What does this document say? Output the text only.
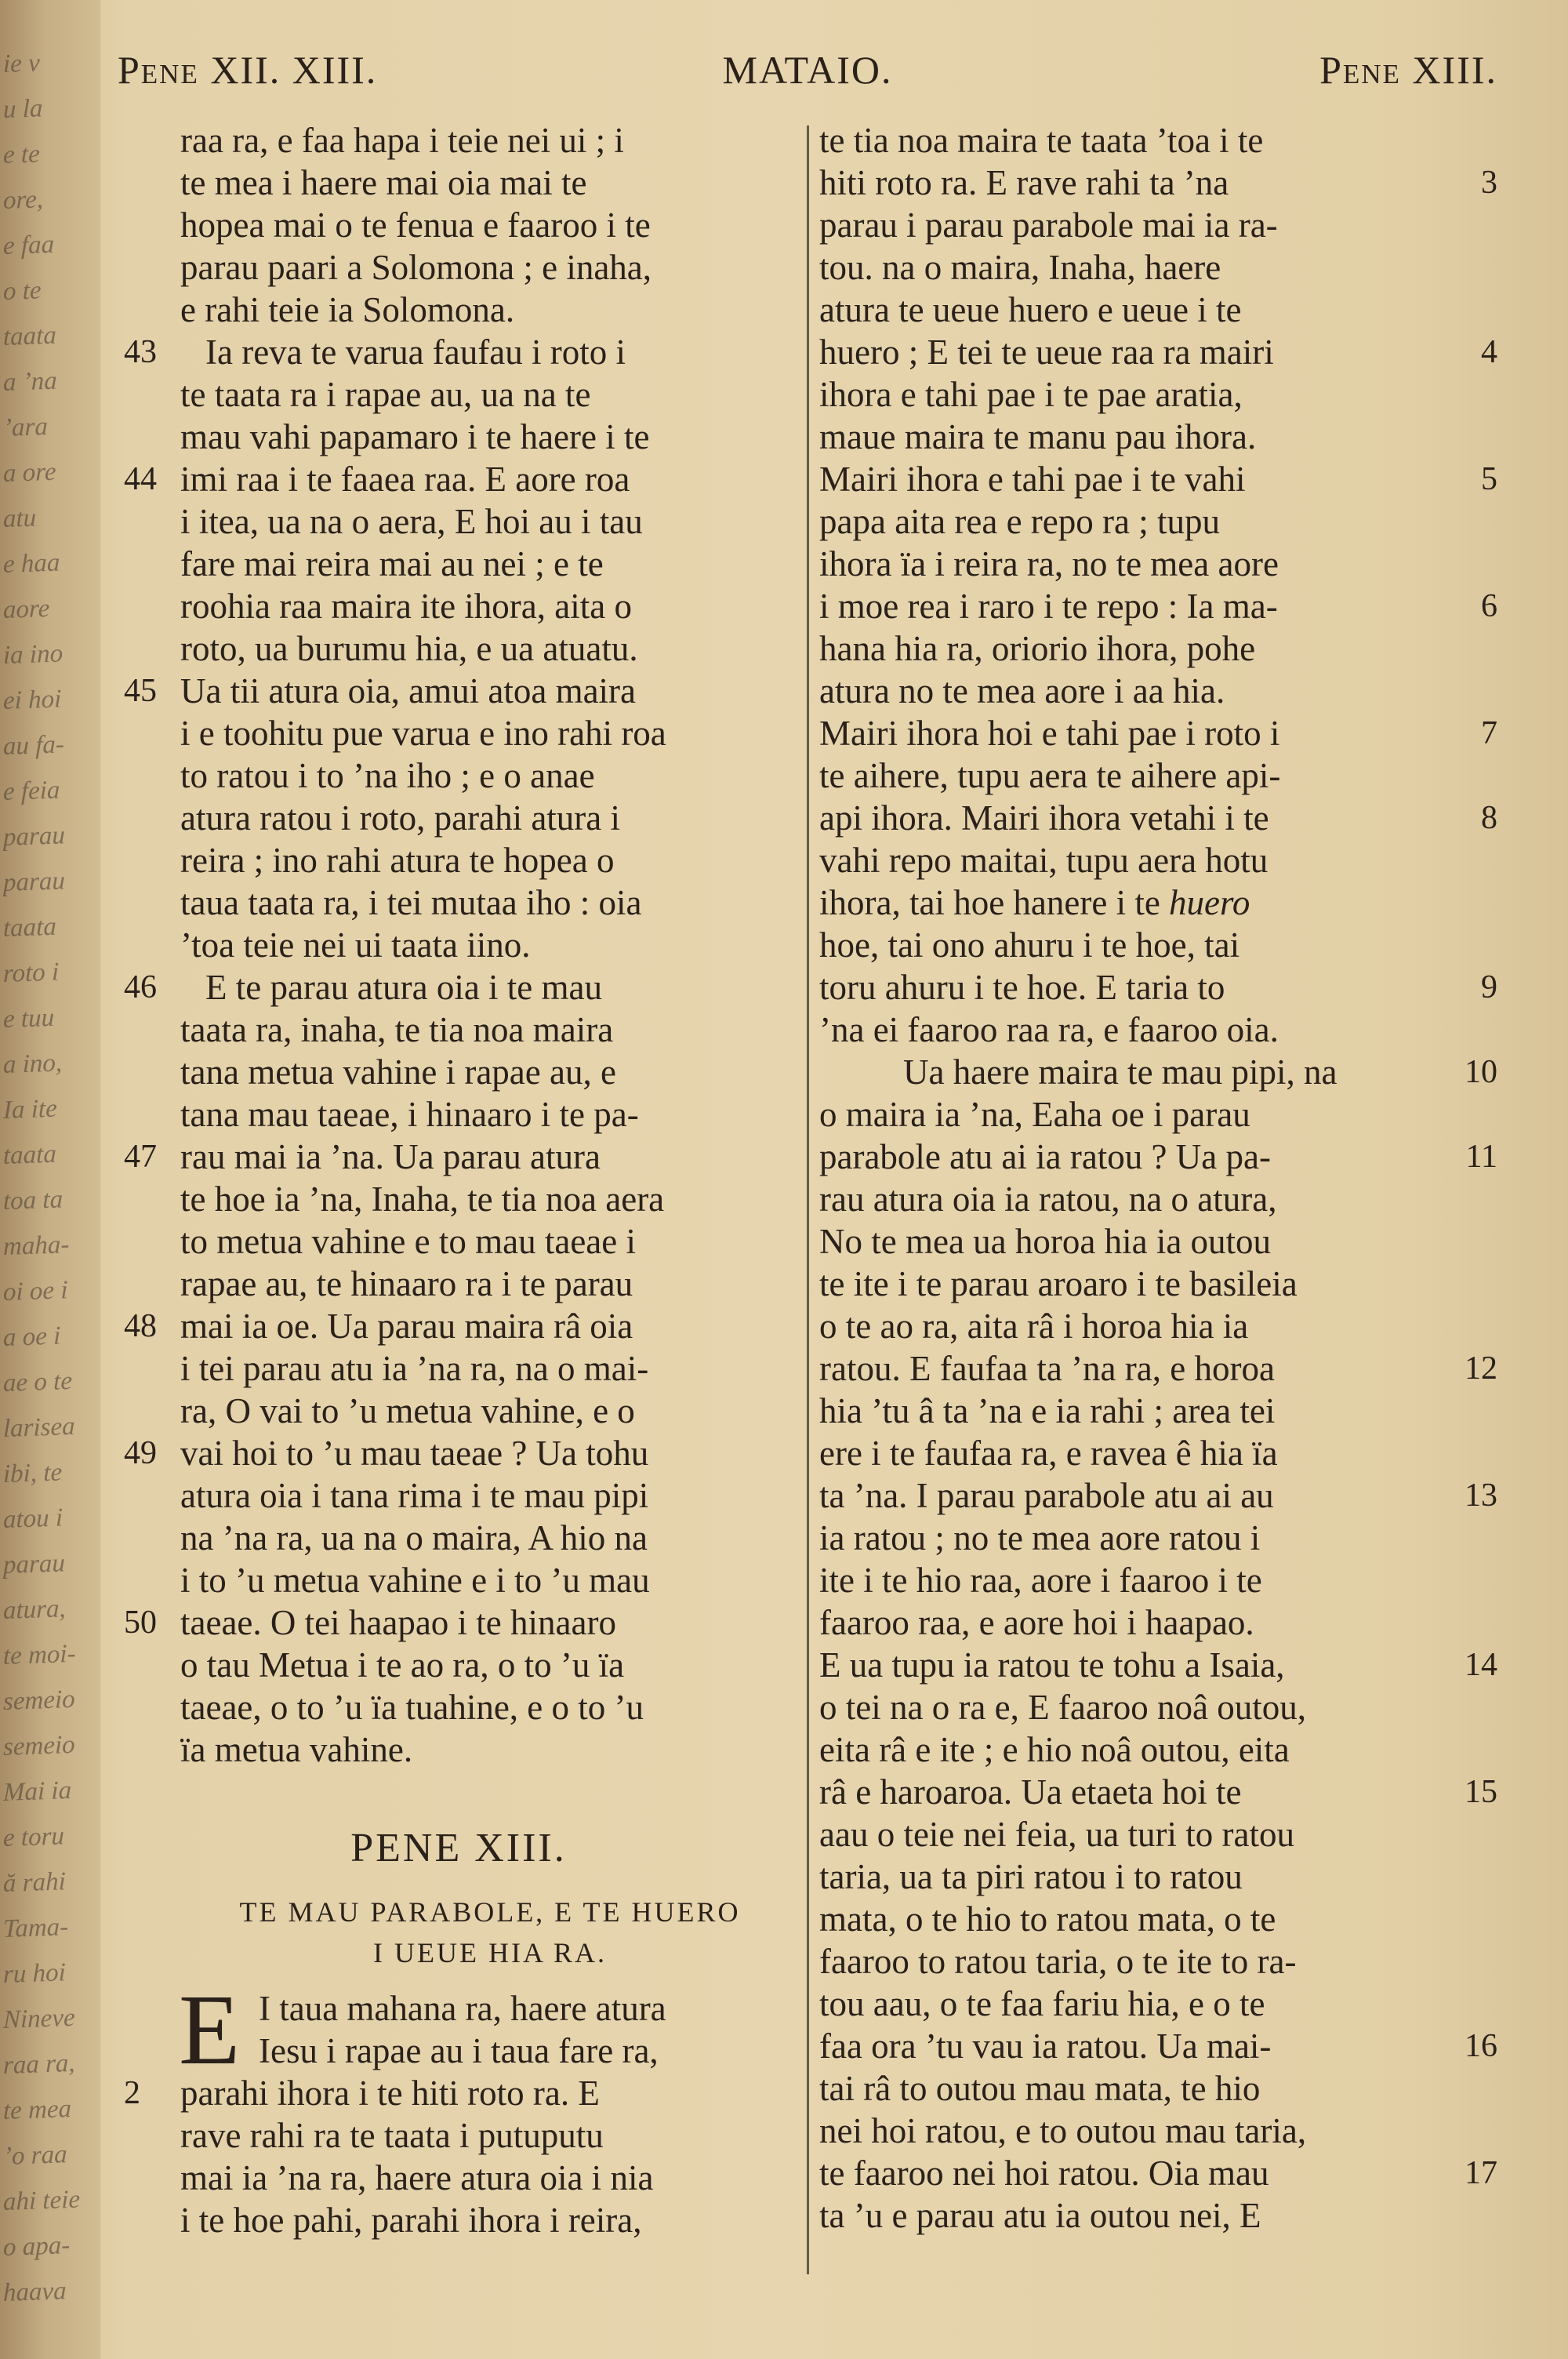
ie v
u la
e te
ore,
e faa
o te
taata
a ’na
’ara
a ore
atu
e haa
aore
ia ino
ei hoi
au fa-
e feia
parau
parau
taata
roto i
e tuu
a ino,
Ia ite
taata
toa ta
maha-
oi oe i
a oe i
ae o te
larisea
ibi, te
atou i
parau
atura,
te moi-
semeio
semeio
Mai ia
e toru
ă rahi
Tama-
ru hoi
Nineve
raa ra,
te mea
’o raa
ahi teie
o apa-
haava
Pene XII. XIII.	MATAIO.	Pene XIII.
raa ra, e faa hapa i teie nei ui ; i
te mea i haere mai oia mai te
hopea mai o te fenua e faaroo i te
parau paari a Solomona ; e inaha,
e rahi teie ia Solomona.
Ia reva te varua faufau i roto i
43
te taata ra i rapae au, ua na te
mau vahi papamaro i te haere i te
imi raa i te faaea raa. E aore roa
44
i itea, ua na o aera, E hoi au i tau
fare mai reira mai au nei ; e te
roohia raa maira ite ihora, aita o
roto, ua burumu hia, e ua atuatu.
Ua tii atura oia, amui atoa maira
45
i e toohitu pue varua e ino rahi roa
to ratou i to ’na iho ; e o anae
atura ratou i roto, parahi atura i
reira ; ino rahi atura te hopea o
taua taata ra, i tei mutaa iho : oia
’toa teie nei ui taata iino.
E te parau atura oia i te mau
46
taata ra, inaha, te tia noa maira
tana metua vahine i rapae au, e
tana mau taeae, i hinaaro i te pa-
rau mai ia ’na. Ua parau atura
47
te hoe ia ’na, Inaha, te tia noa aera
to metua vahine e to mau taeae i
rapae au, te hinaaro ra i te parau
mai ia oe. Ua parau maira râ oia
48
i tei parau atu ia ’na ra, na o mai-
ra, O vai to ’u metua vahine, e o
vai hoi to ’u mau taeae ? Ua tohu
49
atura oia i tana rima i te mau pipi
na ’na ra, ua na o maira, A hio na
i to ’u metua vahine e i to ’u mau
taeae. O tei haapao i te hinaaro
50
o tau Metua i te ao ra, o to ’u ïa
taeae, o to ’u ïa tuahine, e o to ’u
ïa metua vahine.
PENE XIII.
TE MAU PARABOLE, E TE HUERO
I UEUE HIA RA.
E I taua mahana ra, haere atura
Iesu i rapae au i taua fare ra,
parahi ihora i te hiti roto ra. E
2
rave rahi ra te taata i putuputu
mai ia ’na ra, haere atura oia i nia
i te hoe pahi, parahi ihora i reira,
te tia noa maira te taata ’toa i te
hiti roto ra. E rave rahi ta ’na	3
parau i parau parabole mai ia ra-
tou. na o maira, Inaha, haere
atura te ueue huero e ueue i te
huero ; E tei te ueue raa ra mairi	4
ihora e tahi pae i te pae aratia,
maue maira te manu pau ihora.
Mairi ihora e tahi pae i te vahi	5
papa aita rea e repo ra ; tupu
ihora ïa i reira ra, no te mea aore
i moe rea i raro i te repo : Ia ma-	6
hana hia ra, oriorio ihora, pohe
atura no te mea aore i aa hia.
Mairi ihora hoi e tahi pae i roto i	7
te aihere, tupu aera te aihere api-
api ihora. Mairi ihora vetahi i te	8
vahi repo maitai, tupu aera hotu
ihora, tai hoe hanere i te huero
hoe, tai ono ahuru i te hoe, tai
toru ahuru i te hoe. E taria to	9
’na ei faaroo raa ra, e faaroo oia.
Ua haere maira te mau pipi, na	10
o maira ia ’na, Eaha oe i parau
parabole atu ai ia ratou ? Ua pa-	11
rau atura oia ia ratou, na o atura,
No te mea ua horoa hia ia outou
te ite i te parau aroaro i te basileia
o te ao ra, aita râ i horoa hia ia
ratou. E faufaa ta ’na ra, e horoa	12
hia ’tu â ta ’na e ia rahi ; area tei
ere i te faufaa ra, e ravea ê hia ïa
ta ’na. I parau parabole atu ai au	13
ia ratou ; no te mea aore ratou i
ite i te hio raa, aore i faaroo i te
faaroo raa, e aore hoi i haapao.
E ua tupu ia ratou te tohu a Isaia,	14
o tei na o ra e, E faaroo noâ outou,
eita râ e ite ; e hio noâ outou, eita
râ e haroaroa. Ua etaeta hoi te	15
aau o teie nei feia, ua turi to ratou
taria, ua ta piri ratou i to ratou
mata, o te hio to ratou mata, o te
faaroo to ratou taria, o te ite to ra-
tou aau, o te faa fariu hia, e o te
faa ora ’tu vau ia ratou. Ua mai-	16
tai râ to outou mau mata, te hio
nei hoi ratou, e to outou mau taria,
te faaroo nei hoi ratou. Oia mau	17
ta ’u e parau atu ia outou nei, E
